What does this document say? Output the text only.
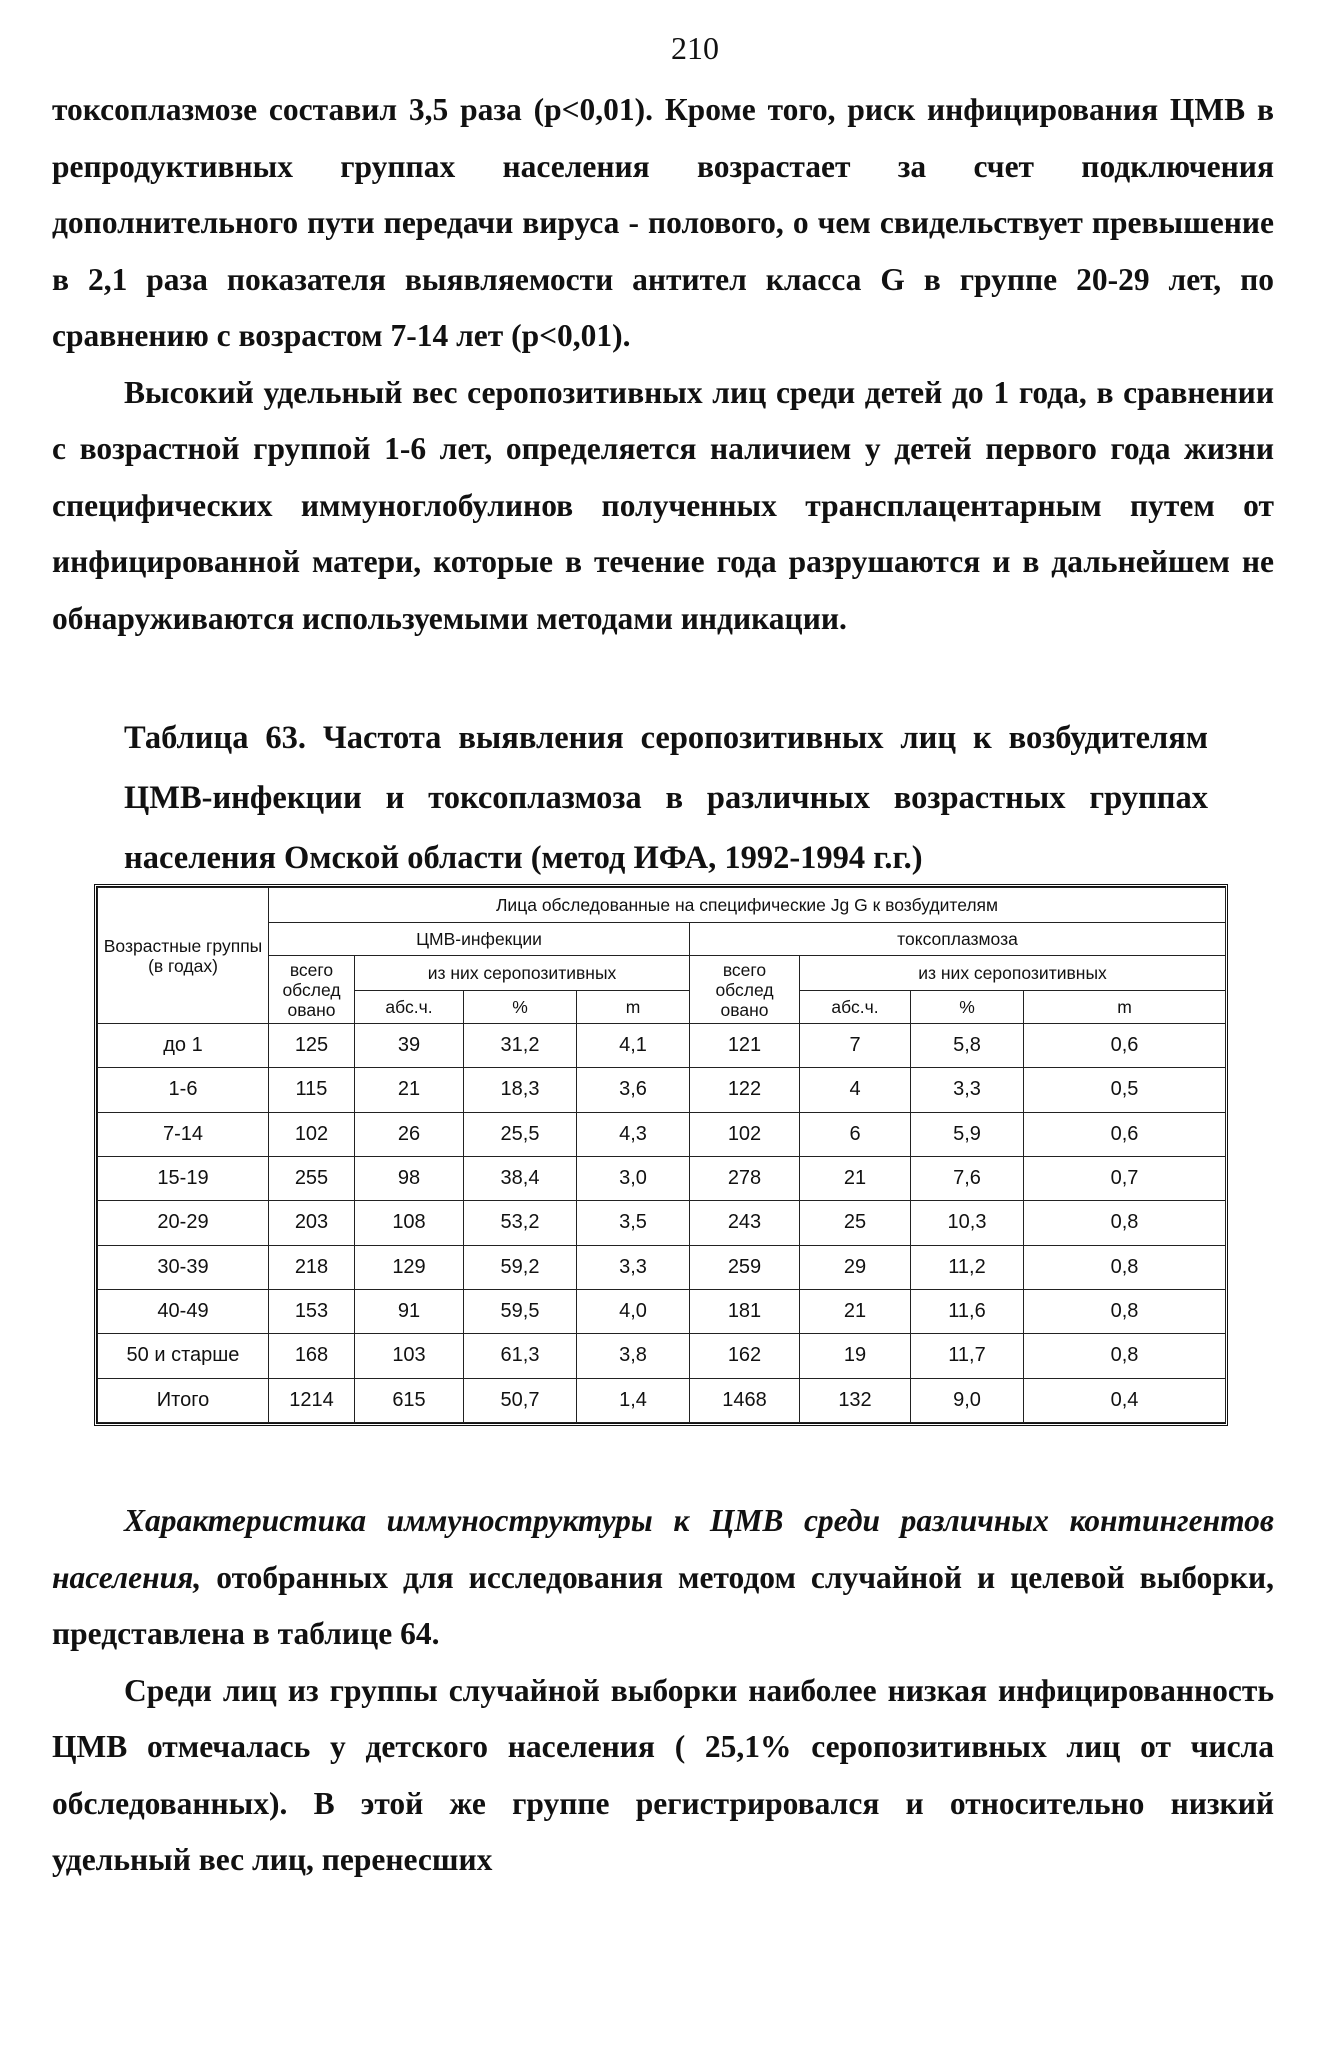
210

токсоплазмозе составил 3,5 раза (р<0,01). Кроме того, риск инфицирования ЦМВ в репродуктивных группах населения возрастает за счет подключения дополнительного пути передачи вируса - полового, о чем свидельствует превышение в 2,1 раза показателя выявляемости антител класса G в группе 20-29 лет, по сравнению с возрастом 7-14 лет (р<0,01).

Высокий удельный вес серопозитивных лиц среди детей до 1 года, в сравнении с возрастной группой 1-6 лет, определяется наличием у детей первого года жизни специфических иммуноглобулинов полученных трансплацентарным путем от инфицированной матери, которые в течение года разрушаются и в дальнейшем не обнаруживаются используемыми методами индикации.

Таблица 63. Частота выявления серопозитивных лиц к возбудителям ЦМВ-инфекции и токсоплазмоза в различных возрастных группах населения Омской области (метод ИФА, 1992-1994 г.г.)

Возрастные группы (в годах)	Лица обследованные на специфические Jg G к возбудителям							
	ЦМВ-инфекции				токсоплазмоза			
	всего обслед овано	из них серопозитивных			всего обслед овано	из них серопозитивных		
		абс.ч.	%	m		абс.ч.	%	m
до 1	125	39	31,2	4,1	121	7	5,8	0,6
1-6	115	21	18,3	3,6	122	4	3,3	0,5
7-14	102	26	25,5	4,3	102	6	5,9	0,6
15-19	255	98	38,4	3,0	278	21	7,6	0,7
20-29	203	108	53,2	3,5	243	25	10,3	0,8
30-39	218	129	59,2	3,3	259	29	11,2	0,8
40-49	153	91	59,5	4,0	181	21	11,6	0,8
50 и старше	168	103	61,3	3,8	162	19	11,7	0,8
Итого	1214	615	50,7	1,4	1468	132	9,0	0,4

Характеристика иммуноструктуры к ЦМВ среди различных контингентов населения, отобранных для исследования методом случайной и целевой выборки, представлена в таблице 64.

Среди лиц из группы случайной выборки наиболее низкая инфицированность ЦМВ отмечалась у детского населения ( 25,1% серопозитивных лиц от числа обследованных). В этой же группе регистрировался и относительно низкий удельный вес лиц, перенесших
